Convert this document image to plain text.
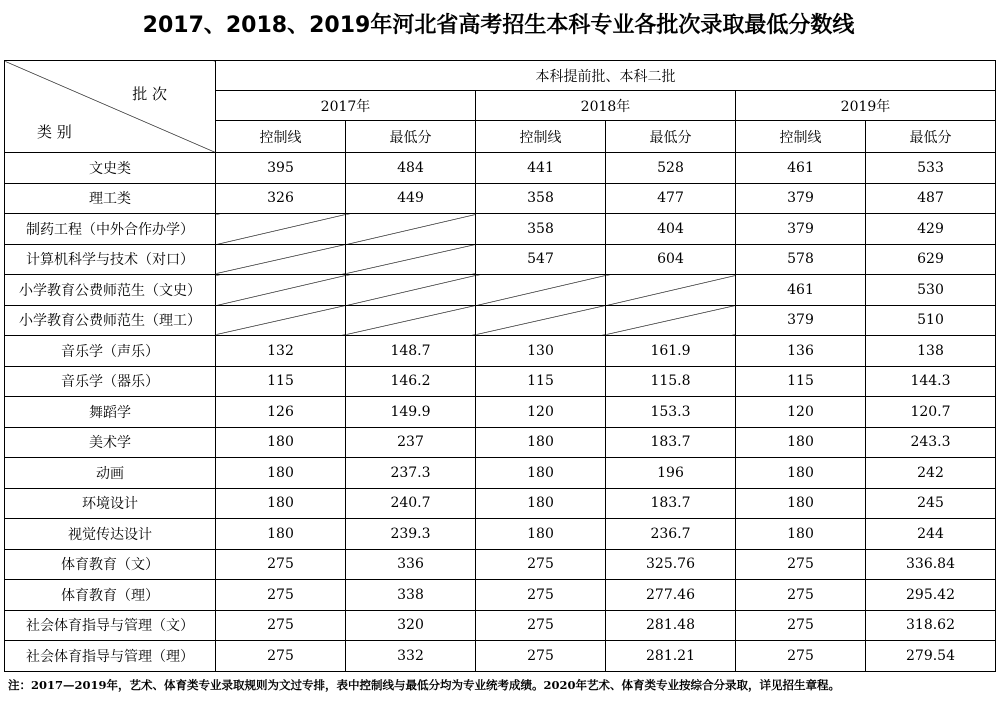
2017、2018、2019年河北省高考招生本科专业各批次录取最低分数线
批 次
类 别	本科提前批、本科二批					
	2017年		2018年		2019年	
	控制线	最低分	控制线	最低分	控制线	最低分
文史类	395	484	441	528	461	533
理工类	326	449	358	477	379	487
制药工程（中外合作办学）			358	404	379	429
计算机科学与技术（对口）			547	604	578	629
小学教育公费师范生（文史）					461	530
小学教育公费师范生（理工）					379	510
音乐学（声乐）	132	148.7	130	161.9	136	138
音乐学（器乐）	115	146.2	115	115.8	115	144.3
舞蹈学	126	149.9	120	153.3	120	120.7
美术学	180	237	180	183.7	180	243.3
动画	180	237.3	180	196	180	242
环境设计	180	240.7	180	183.7	180	245
视觉传达设计	180	239.3	180	236.7	180	244
体育教育（文）	275	336	275	325.76	275	336.84
体育教育（理）	275	338	275	277.46	275	295.42
社会体育指导与管理（文）	275	320	275	281.48	275	318.62
社会体育指导与管理（理）	275	332	275	281.21	275	279.54
注：2017—2019年，艺术、体育类专业录取规则为文过专排，表中控制线与最低分均为专业统考成绩。2020年艺术、体育类专业按综合分录取，详见招生章程。
